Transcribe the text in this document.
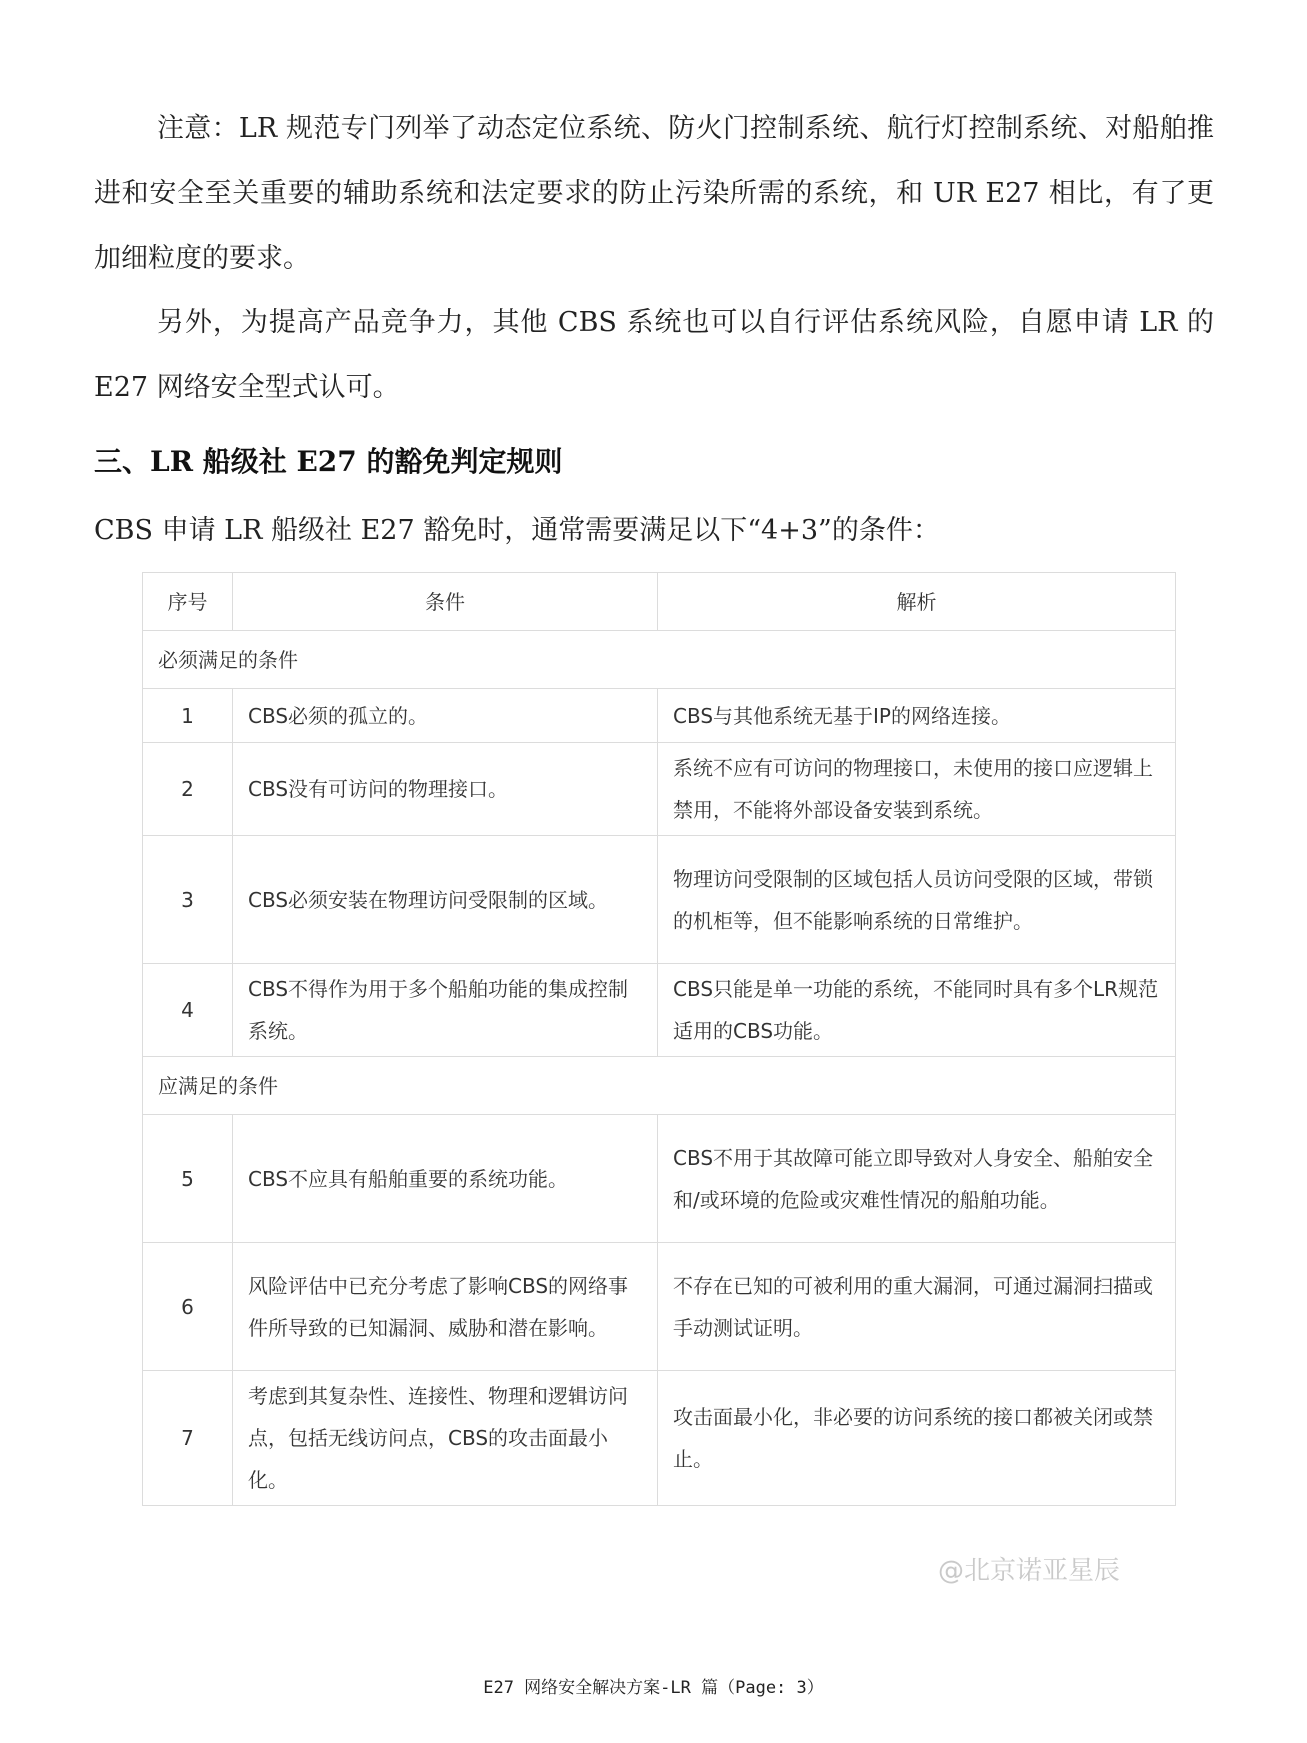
注意：LR 规范专门列举了动态定位系统、防火门控制系统、航行灯控制系统、对船舶推进和安全至关重要的辅助系统和法定要求的防止污染所需的系统，和 UR E27 相比，有了更加细粒度的要求。

另外，为提高产品竞争力，其他 CBS 系统也可以自行评估系统风险，自愿申请 LR 的 E27 网络安全型式认可。

三、LR 船级社 E27 的豁免判定规则

CBS 申请 LR 船级社 E27 豁免时，通常需要满足以下“4+3”的条件：

序号	条件	解析
必须满足的条件		
1	CBS必须的孤立的。	CBS与其他系统无基于IP的网络连接。
2	CBS没有可访问的物理接口。	系统不应有可访问的物理接口，未使用的接口应逻辑上禁用，不能将外部设备安装到系统。
3	CBS必须安装在物理访问受限制的区域。	物理访问受限制的区域包括人员访问受限的区域，带锁的机柜等，但不能影响系统的日常维护。
4	CBS不得作为用于多个船舶功能的集成控制系统。	CBS只能是单一功能的系统，不能同时具有多个LR规范适用的CBS功能。
应满足的条件		
5	CBS不应具有船舶重要的系统功能。	CBS不用于其故障可能立即导致对人身安全、船舶安全和/或环境的危险或灾难性情况的船舶功能。
6	风险评估中已充分考虑了影响CBS的网络事件所导致的已知漏洞、威胁和潜在影响。	不存在已知的可被利用的重大漏洞，可通过漏洞扫描或手动测试证明。
7	考虑到其复杂性、连接性、物理和逻辑访问点，包括无线访问点，CBS的攻击面最小化。	攻击面最小化，非必要的访问系统的接口都被关闭或禁止。
@北京诺亚星辰
E27 网络安全解决方案-LR 篇（Page: 3）
